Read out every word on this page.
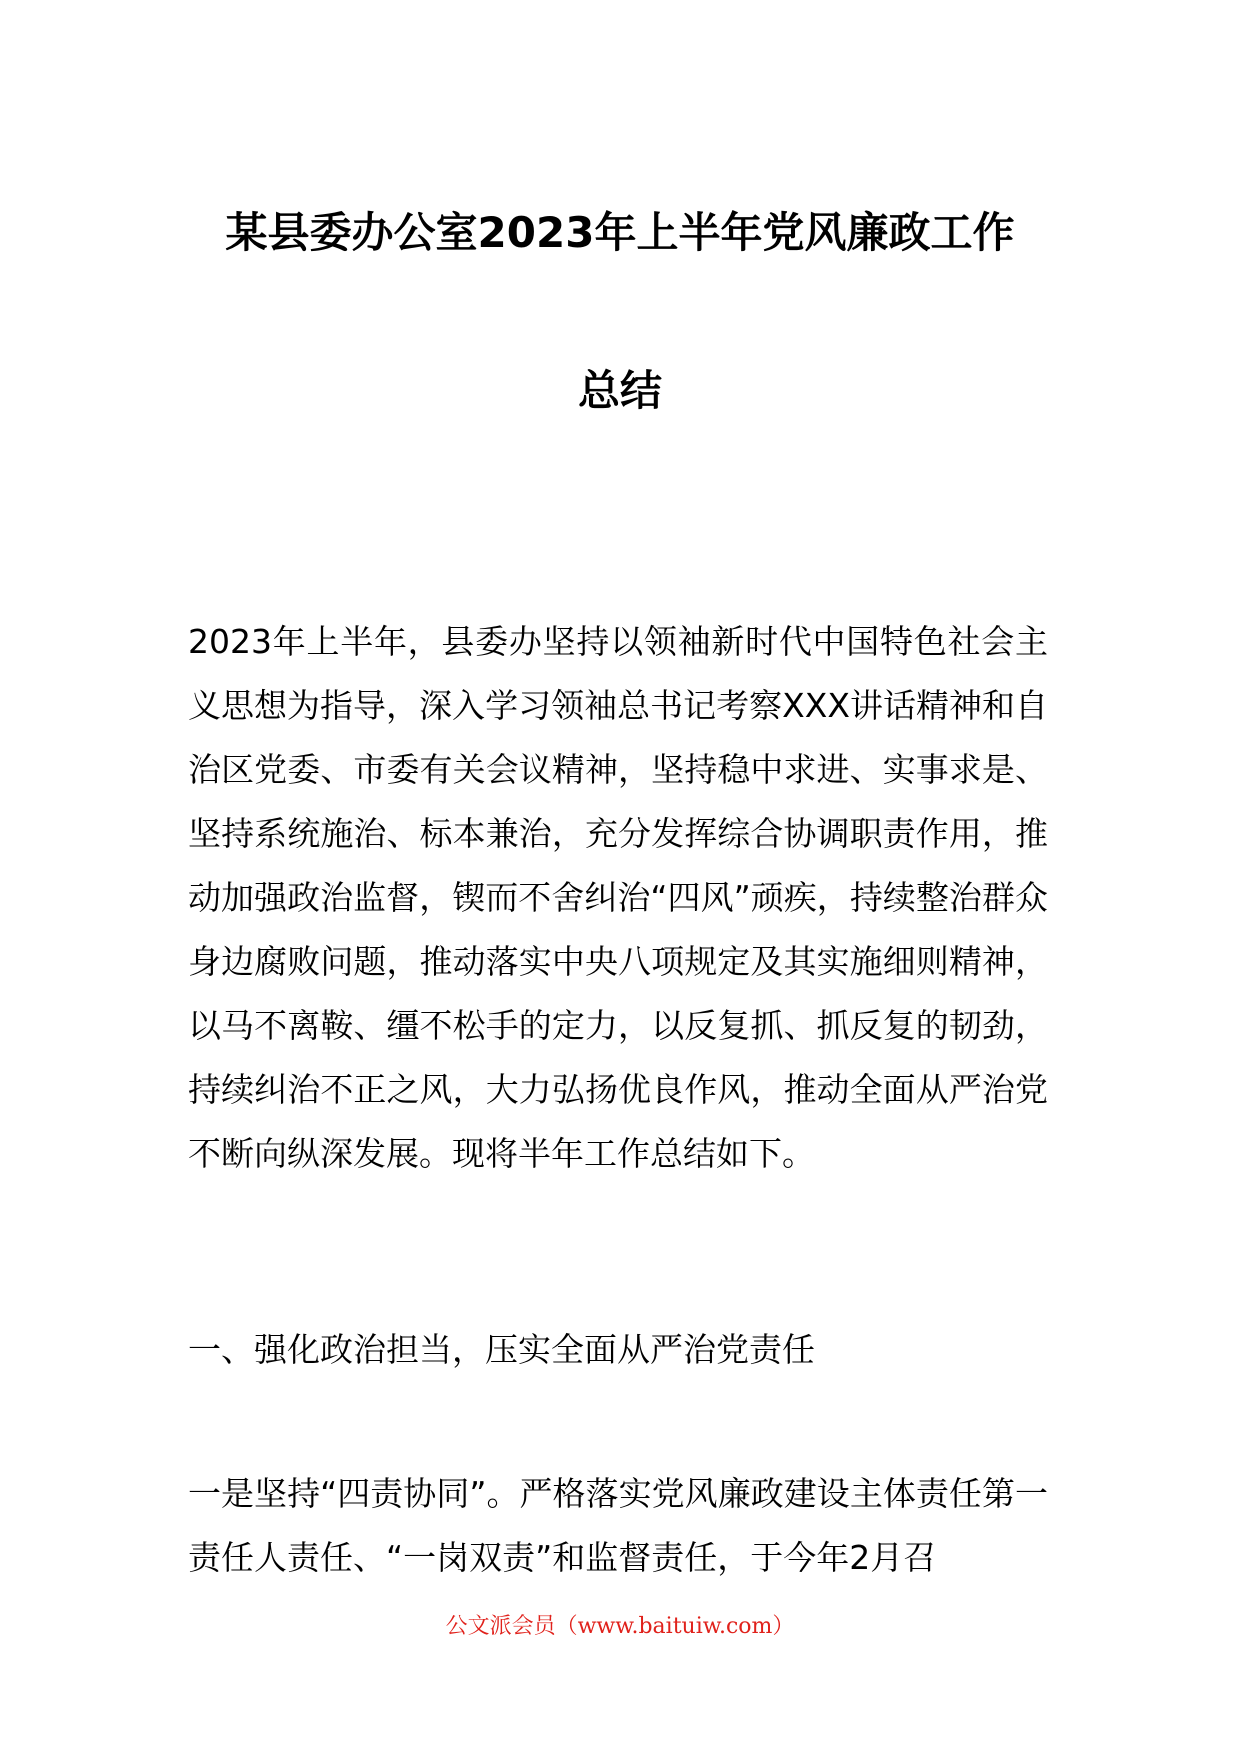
某县委办公室2023年上半年党风廉政工作
总结
2023年上半年，县委办坚持以领袖新时代中国特色社会主义思想为指导，深入学习领袖总书记考察XXX讲话精神和自治区党委、市委有关会议精神，坚持稳中求进、实事求是、坚持系统施治、标本兼治，充分发挥综合协调职责作用，推动加强政治监督，锲而不舍纠治“四风”顽疾，持续整治群众身边腐败问题，推动落实中央八项规定及其实施细则精神，以马不离鞍、缰不松手的定力，以反复抓、抓反复的韧劲，持续纠治不正之风，大力弘扬优良作风，推动全面从严治党不断向纵深发展。现将半年工作总结如下。
一、强化政治担当，压实全面从严治党责任
一是坚持“四责协同”。严格落实党风廉政建设主体责任第一责任人责任、“一岗双责”和监督责任，于今年2月召
公文派会员（www.baituiw.com）
